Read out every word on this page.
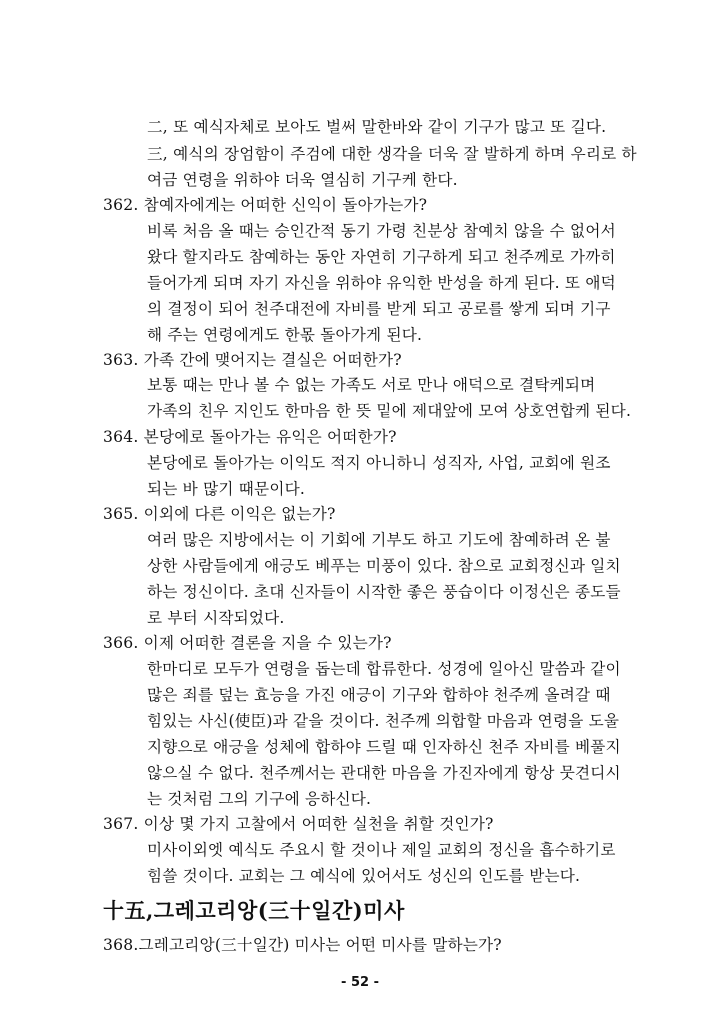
二, 또 예식자체로 보아도 벌써 말한바와 같이 기구가 많고 또 길다.
三, 예식의 장엄함이 주검에 대한 생각을 더욱 잘 발하게 하며 우리로 하
여금 연령을 위하야 더욱 열심히 기구케 한다.
362. 참예자에게는 어떠한 신익이 돌아가는가?
비록 처음 올 때는 승인간적 동기 가령 친분상 참예치 않을 수 없어서
왔다 할지라도 참예하는 동안 자연히 기구하게 되고 천주께로 가까히
들어가게 되며 자기 자신을 위하야 유익한 반성을 하게 된다. 또 애덕
의 결정이 되어 천주대전에 자비를 받게 되고 공로를 쌓게 되며 기구
해 주는 연령에게도 한몫 돌아가게 된다.
363. 가족 간에 맺어지는 결실은 어떠한가?
보통 때는 만나 볼 수 없는 가족도 서로 만나 애덕으로 결탁케되며
가족의 친우 지인도 한마음 한 뜻 밑에 제대앞에 모여 상호연합케 된다.
364. 본당에로 돌아가는 유익은 어떠한가?
본당에로 돌아가는 이익도 적지 아니하니 성직자, 사업, 교회에 원조
되는 바 많기 때문이다.
365. 이외에 다른 이익은 없는가?
여러 많은 지방에서는 이 기회에 기부도 하고 기도에 참예하려 온 불
상한 사람들에게 애긍도 베푸는 미풍이 있다. 참으로 교회정신과 일치
하는 정신이다. 초대 신자들이 시작한 좋은 풍습이다 이정신은 종도들
로 부터 시작되었다.
366. 이제 어떠한 결론을 지을 수 있는가?
한마디로 모두가 연령을 돕는데 합류한다. 성경에 일아신 말씀과 같이
많은 죄를 덮는 효능을 가진 애긍이 기구와 합하야 천주께 올려갈 때
힘있는 사신(使臣)과 같을 것이다. 천주께 의합할 마음과 연령을 도울
지향으로 애긍을 성체에 합하야 드릴 때 인자하신 천주 자비를 베풀지
않으실 수 없다. 천주께서는 관대한 마음을 가진자에게 항상 뭇견디시
는 것처럼 그의 기구에 응하신다.
367. 이상 몇 가지 고찰에서 어떠한 실천을 취할 것인가?
미사이외엣 예식도 주요시 할 것이나 제일 교회의 정신을 흡수하기로
힘쓸 것이다. 교회는 그 예식에 있어서도 성신의 인도를 받는다.
十五,그레고리앙(三十일간)미사
368.그레고리앙(三十일간) 미사는 어떤 미사를 말하는가?
- 52 -
